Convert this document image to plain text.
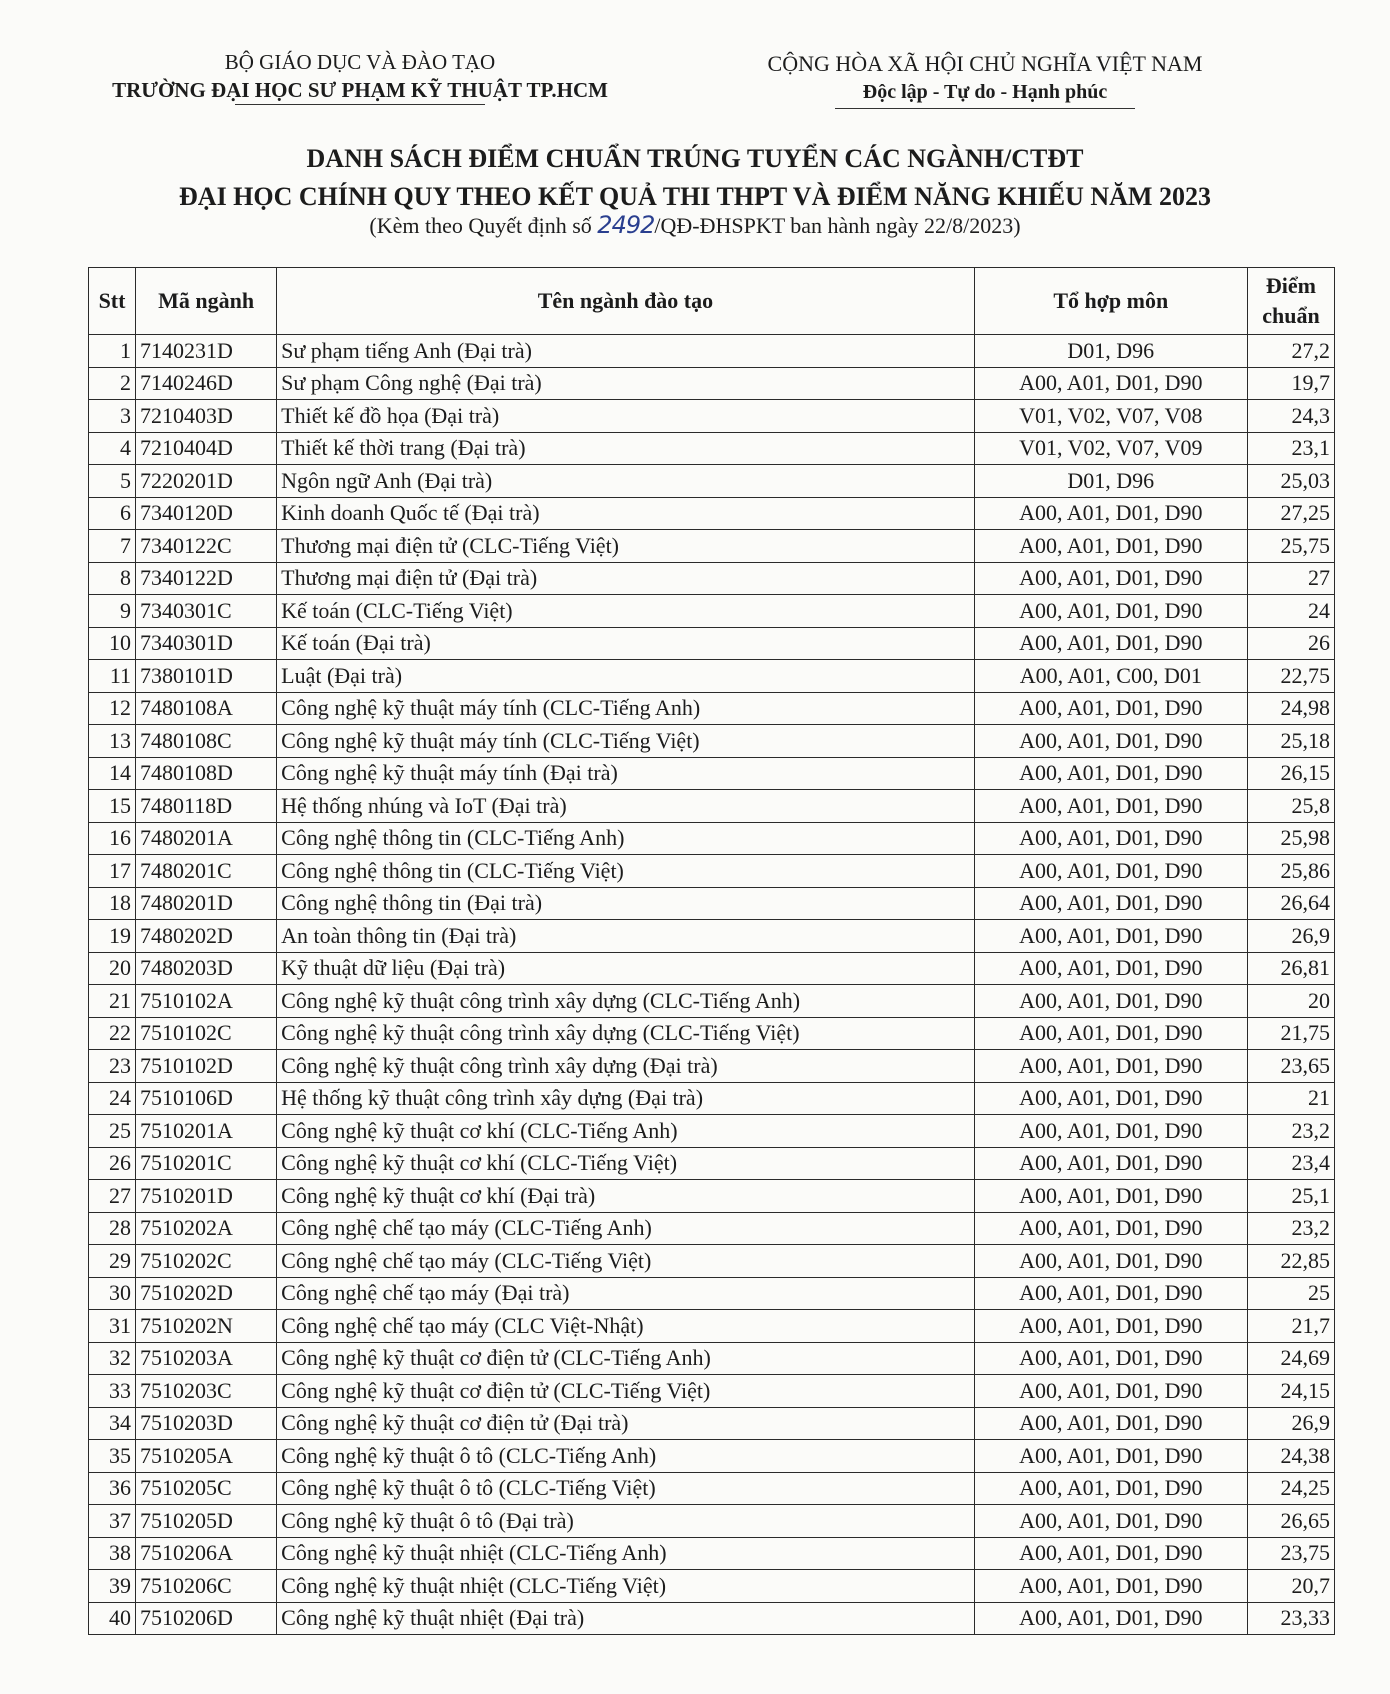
BỘ GIÁO DỤC VÀ ĐÀO TẠO
TRƯỜNG ĐẠI HỌC SƯ PHẠM KỸ THUẬT TP.HCM
CỘNG HÒA XÃ HỘI CHỦ NGHĨA VIỆT NAM
Độc lập - Tự do - Hạnh phúc
DANH SÁCH ĐIỂM CHUẨN TRÚNG TUYỂN CÁC NGÀNH/CTĐT
ĐẠI HỌC CHÍNH QUY THEO KẾT QUẢ THI THPT VÀ ĐIỂM NĂNG KHIẾU NĂM 2023
(Kèm theo Quyết định số 2492/QĐ-ĐHSPKT ban hành ngày 22/8/2023)
Stt	Mã ngành	Tên ngành đào tạo	Tổ hợp môn	Điểm chuẩn

1	7140231D	Sư phạm tiếng Anh (Đại trà)	D01, D96	27,2
2	7140246D	Sư phạm Công nghệ (Đại trà)	A00, A01, D01, D90	19,7
3	7210403D	Thiết kế đồ họa (Đại trà)	V01, V02, V07, V08	24,3
4	7210404D	Thiết kế thời trang (Đại trà)	V01, V02, V07, V09	23,1
5	7220201D	Ngôn ngữ Anh (Đại trà)	D01, D96	25,03
6	7340120D	Kinh doanh Quốc tế (Đại trà)	A00, A01, D01, D90	27,25
7	7340122C	Thương mại điện tử (CLC-Tiếng Việt)	A00, A01, D01, D90	25,75
8	7340122D	Thương mại điện tử (Đại trà)	A00, A01, D01, D90	27
9	7340301C	Kế toán (CLC-Tiếng Việt)	A00, A01, D01, D90	24
10	7340301D	Kế toán (Đại trà)	A00, A01, D01, D90	26
11	7380101D	Luật (Đại trà)	A00, A01, C00, D01	22,75
12	7480108A	Công nghệ kỹ thuật máy tính (CLC-Tiếng Anh)	A00, A01, D01, D90	24,98
13	7480108C	Công nghệ kỹ thuật máy tính (CLC-Tiếng Việt)	A00, A01, D01, D90	25,18
14	7480108D	Công nghệ kỹ thuật máy tính (Đại trà)	A00, A01, D01, D90	26,15
15	7480118D	Hệ thống nhúng và IoT (Đại trà)	A00, A01, D01, D90	25,8
16	7480201A	Công nghệ thông tin (CLC-Tiếng Anh)	A00, A01, D01, D90	25,98
17	7480201C	Công nghệ thông tin (CLC-Tiếng Việt)	A00, A01, D01, D90	25,86
18	7480201D	Công nghệ thông tin (Đại trà)	A00, A01, D01, D90	26,64
19	7480202D	An toàn thông tin (Đại trà)	A00, A01, D01, D90	26,9
20	7480203D	Kỹ thuật dữ liệu (Đại trà)	A00, A01, D01, D90	26,81
21	7510102A	Công nghệ kỹ thuật công trình xây dựng (CLC-Tiếng Anh)	A00, A01, D01, D90	20
22	7510102C	Công nghệ kỹ thuật công trình xây dựng (CLC-Tiếng Việt)	A00, A01, D01, D90	21,75
23	7510102D	Công nghệ kỹ thuật công trình xây dựng (Đại trà)	A00, A01, D01, D90	23,65
24	7510106D	Hệ thống kỹ thuật công trình xây dựng (Đại trà)	A00, A01, D01, D90	21
25	7510201A	Công nghệ kỹ thuật cơ khí (CLC-Tiếng Anh)	A00, A01, D01, D90	23,2
26	7510201C	Công nghệ kỹ thuật cơ khí (CLC-Tiếng Việt)	A00, A01, D01, D90	23,4
27	7510201D	Công nghệ kỹ thuật cơ khí (Đại trà)	A00, A01, D01, D90	25,1
28	7510202A	Công nghệ chế tạo máy (CLC-Tiếng Anh)	A00, A01, D01, D90	23,2
29	7510202C	Công nghệ chế tạo máy (CLC-Tiếng Việt)	A00, A01, D01, D90	22,85
30	7510202D	Công nghệ chế tạo máy (Đại trà)	A00, A01, D01, D90	25
31	7510202N	Công nghệ chế tạo máy (CLC Việt-Nhật)	A00, A01, D01, D90	21,7
32	7510203A	Công nghệ kỹ thuật cơ điện tử (CLC-Tiếng Anh)	A00, A01, D01, D90	24,69
33	7510203C	Công nghệ kỹ thuật cơ điện tử (CLC-Tiếng Việt)	A00, A01, D01, D90	24,15
34	7510203D	Công nghệ kỹ thuật cơ điện tử (Đại trà)	A00, A01, D01, D90	26,9
35	7510205A	Công nghệ kỹ thuật ô tô (CLC-Tiếng Anh)	A00, A01, D01, D90	24,38
36	7510205C	Công nghệ kỹ thuật ô tô (CLC-Tiếng Việt)	A00, A01, D01, D90	24,25
37	7510205D	Công nghệ kỹ thuật ô tô (Đại trà)	A00, A01, D01, D90	26,65
38	7510206A	Công nghệ kỹ thuật nhiệt (CLC-Tiếng Anh)	A00, A01, D01, D90	23,75
39	7510206C	Công nghệ kỹ thuật nhiệt (CLC-Tiếng Việt)	A00, A01, D01, D90	20,7
40	7510206D	Công nghệ kỹ thuật nhiệt (Đại trà)	A00, A01, D01, D90	23,33
